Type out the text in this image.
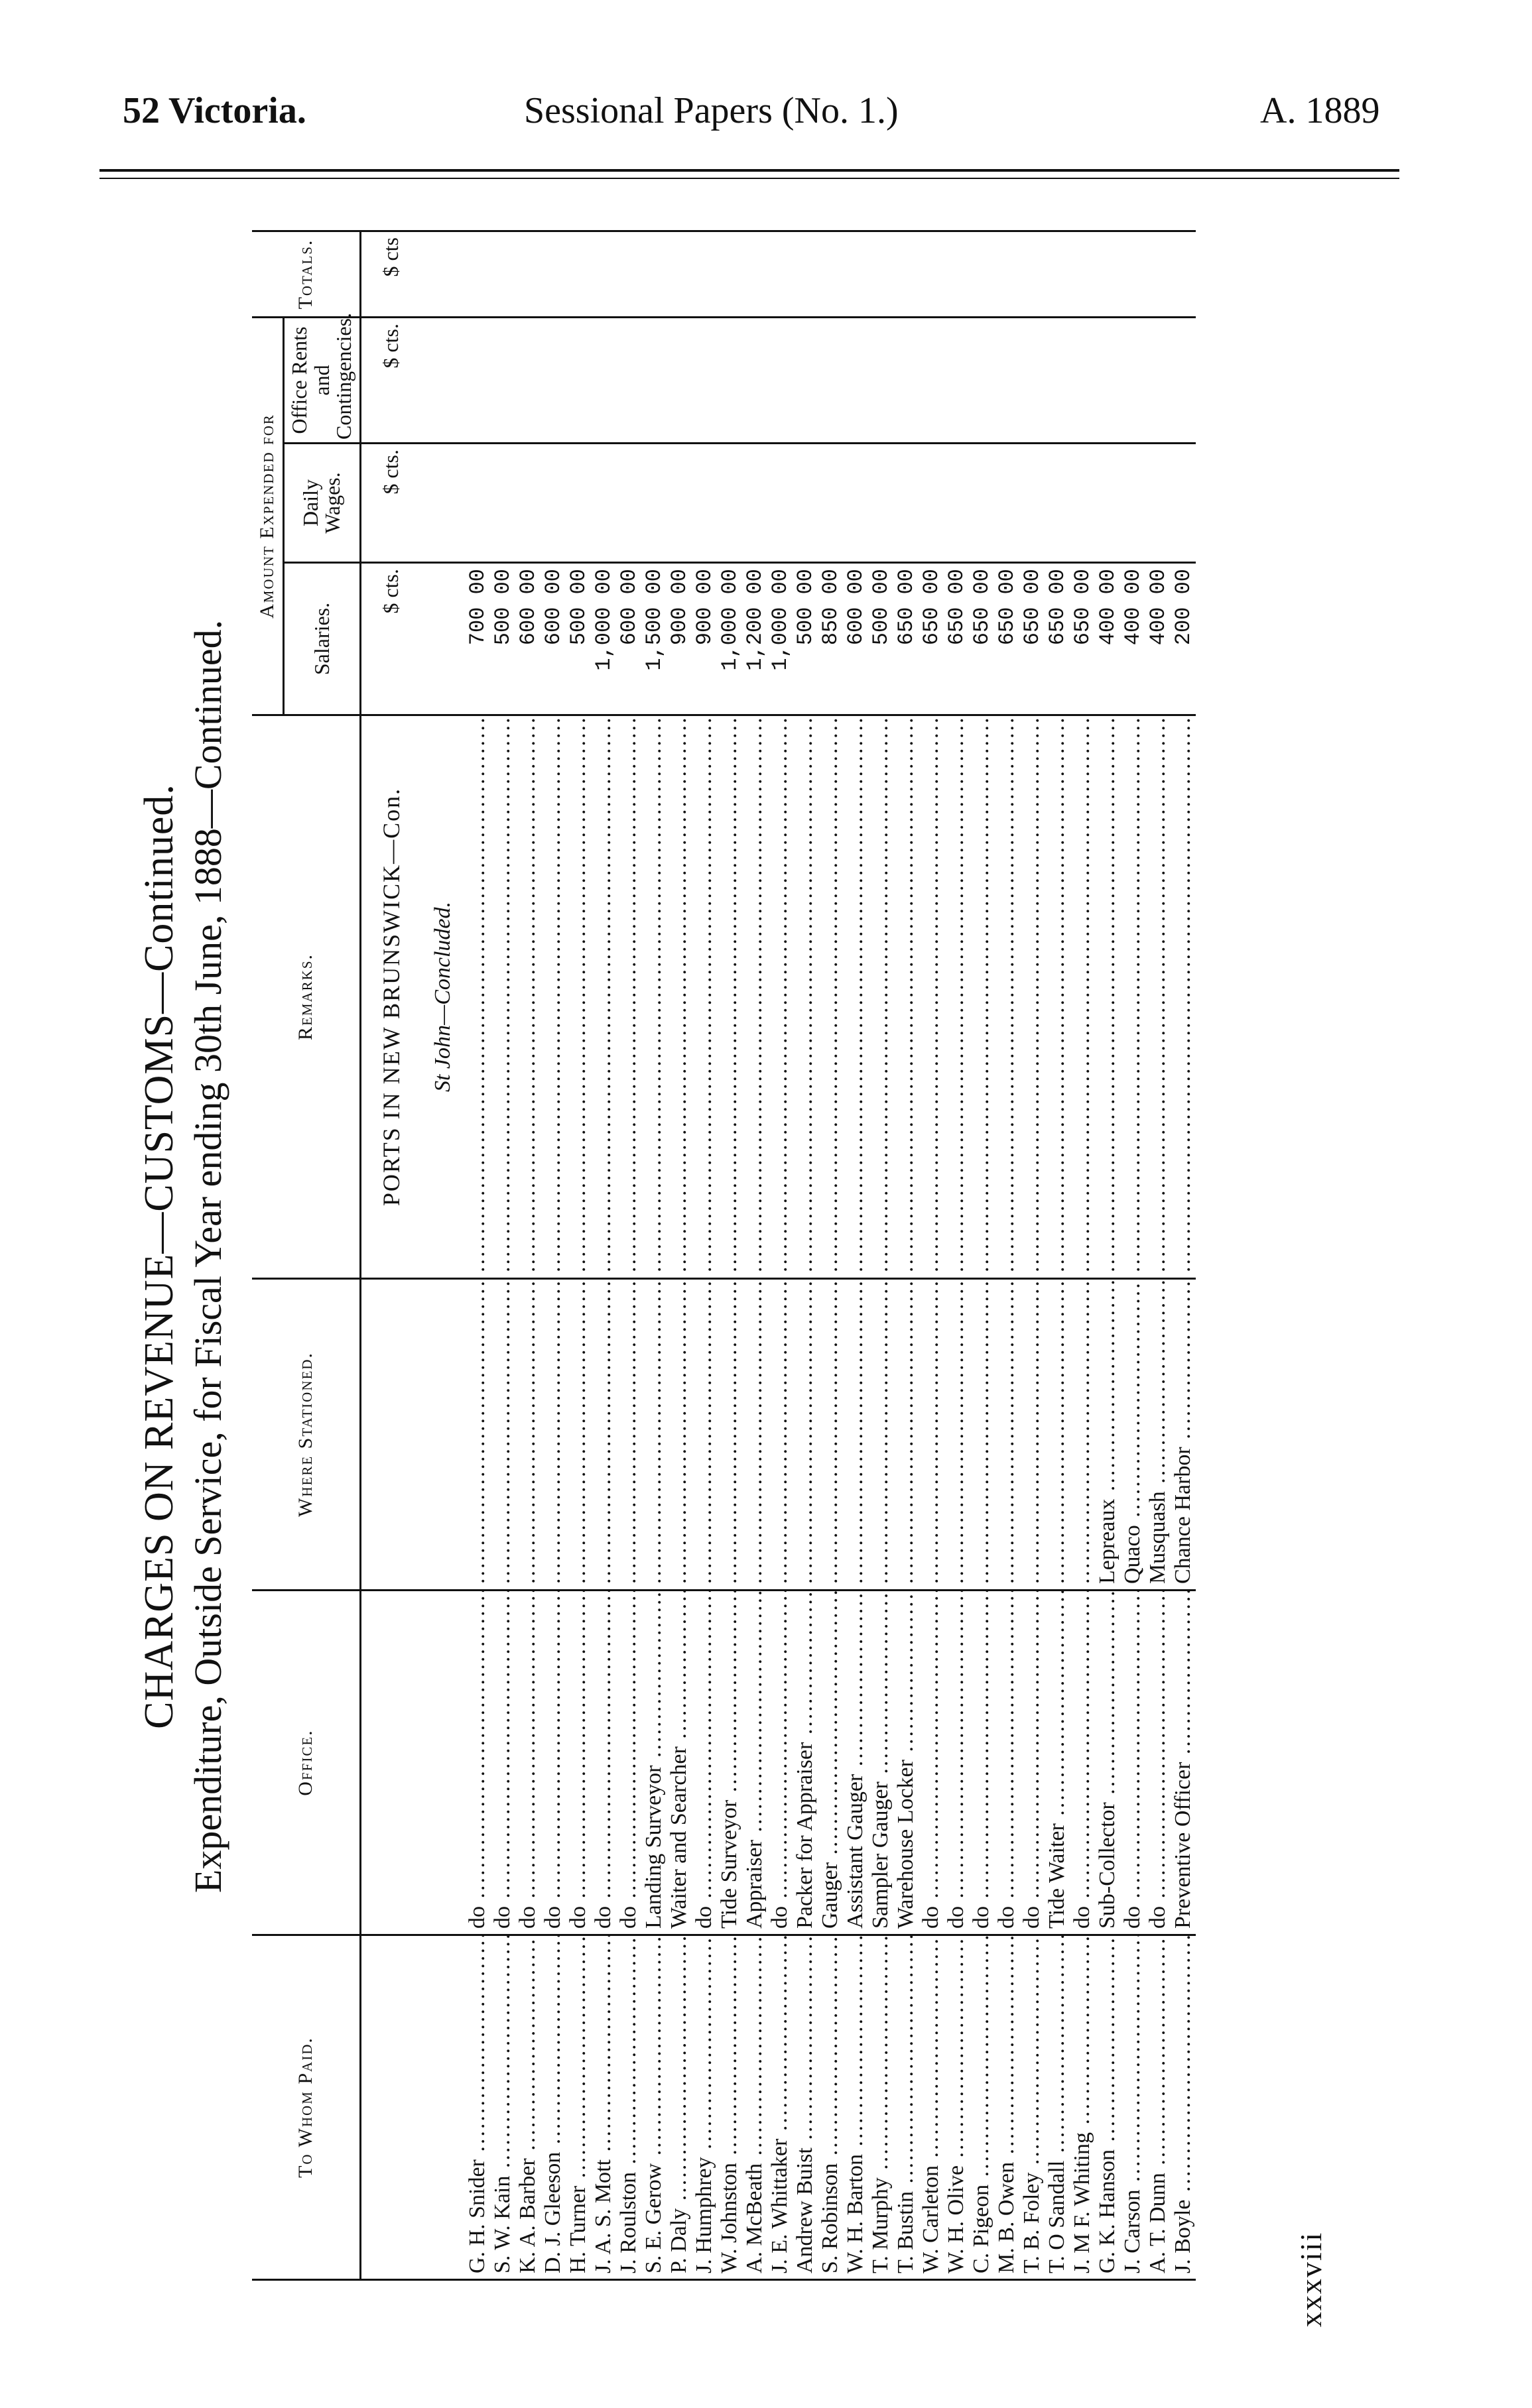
52 Victoria.	Sessional Papers (No. 1.)	A. 1889
CHARGES ON REVENUE—CUSTOMS—Continued. Expenditure, Outside Service, for Fiscal Year ending 30th June, 1888—Continued.
To Whom Paid.	Office.	Where Stationed.	Remarks.	Amount Expended for			Totals.
				Salaries.	Daily Wages.	Office Rents and Contingencies.	
			PORTS IN NEW BRUNSWICK—Con.	$ cts.	$ cts.	$ cts.	$ cts
			St John—Concluded.				
G. H. Snider .....	do .....	.....	.....	700 00			
S. W. Kain .....	do .....	.....	.....	500 00			
K. A. Barber .....	do .....	.....	.....	600 00			
D. J. Gleeson .....	do .....	.....	.....	600 00			
H. Turner .....	do .....	.....	.....	500 00			
J. A. S. Mott .....	do .....	.....	.....	1,000 00			
J. Roulston .....	do .....	.....	.....	600 00			
S. E. Gerow .....	Landing Surveyor .....	.....	.....	1,500 00			
P. Daly .....	Waiter and Searcher .....	.....	.....	900 00			
J. Humphrey .....	do .....	.....	.....	900 00			
W. Johnston .....	Tide Surveyor .....	.....	.....	1,000 00			
A. McBeath .....	Appraiser .....	.....	.....	1,200 00			
J. E. Whittaker .....	do .....	.....	.....	1,000 00			
Andrew Buist .....	Packer for Appraiser .....	.....	.....	500 00			
S. Robinson .....	Gauger .....	.....	.....	850 00			
W. H. Barton .....	Assistant Gauger .....	.....	.....	600 00			
T. Murphy .....	Sampler Gauger .....	.....	.....	500 00			
T. Bustin .....	Warehouse Locker .....	.....	.....	650 00			
W. Carleton .....	do .....	.....	.....	650 00			
W. H. Olive .....	do .....	.....	.....	650 00			
C. Pigeon .....	do .....	.....	.....	650 00			
M. B. Owen .....	do .....	.....	.....	650 00			
T. B. Foley .....	do .....	.....	.....	650 00			
T. O Sandall .....	Tide Waiter .....	.....	.....	650 00			
J. M F. Whiting .....	do .....	.....	.....	650 00			
G. K. Hanson .....	Sub-Collector .....	Lepreaux .....	.....	400 00			
J. Carson .....	do .....	Quaco .....	.....	400 00			
A. T. Dunn .....	do .....	Musquash .....	.....	400 00			
J. Boyle .....	Preventive Officer .....	Chance Harbor .....	.....	200 00			
xxxviii
